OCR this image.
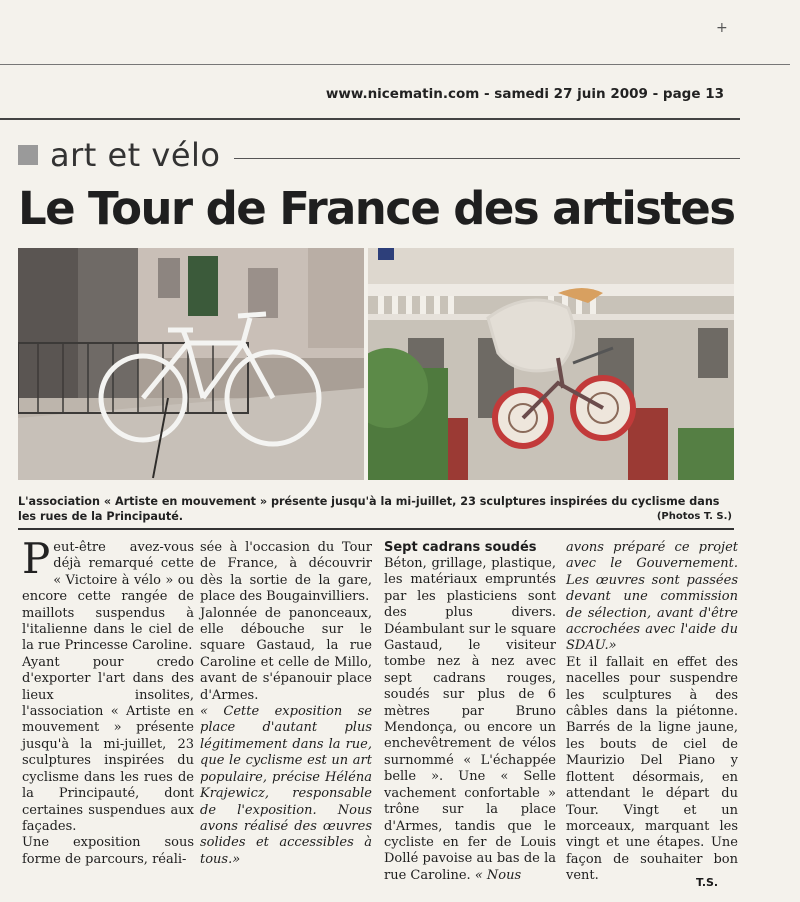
+
www.nicematin.com - samedi 27 juin 2009 - page 13
art et vélo
Le Tour de France des artistes
L'association « Artiste en mouvement » présente jusqu'à la mi-juillet, 23 sculptures inspirées du cyclisme dans les rues de la Principauté.	(Photos T. S.)

Peut-être avez-vous déjà remarqué cette « Victoire à vélo » ou encore cette rangée de maillots suspendus à l'italienne dans le ciel de la rue Princesse Caroline.

Ayant pour credo d'exporter l'art dans des lieux insolites, l'association « Artiste en mouvement » présente jusqu'à la mi-juillet, 23 sculptures inspirées du cyclisme dans les rues de la Principauté, dont certaines suspendues aux façades.

Une exposition sous forme de parcours, réali-

sée à l'occasion du Tour de France, à découvrir dès la sortie de la gare, place des Bougainvilliers.

Jalonnée de panonceaux, elle débouche sur le square Gastaud, la rue Caroline et celle de Millo, avant de s'épanouir place d'Armes.

« Cette exposition se place d'autant plus légitimement dans la rue, que le cyclisme est un art populaire, précise Héléna Krajewicz, responsable de l'exposition. Nous avons réalisé des œuvres solides et accessibles à tous.»

Sept cadrans soudés

Béton, grillage, plastique, les matériaux empruntés par les plasticiens sont des plus divers. Déambulant sur le square Gastaud, le visiteur tombe nez à nez avec sept cadrans rouges, soudés sur plus de 6 mètres par Bruno Mendonça, ou encore un enchevêtrement de vélos surnommé « L'échappée belle ». Une « Selle vachement confortable » trône sur la place d'Armes, tandis que le cycliste en fer de Louis Dollé pavoise au bas de la rue Caroline. « Nous

avons préparé ce projet avec le Gouvernement. Les œuvres sont passées devant une commission de sélection, avant d'être accrochées avec l'aide du SDAU.»

Et il fallait en effet des nacelles pour suspendre les sculptures à des câbles dans la piétonne. Barrés de la ligne jaune, les bouts de ciel de Maurizio Del Piano y flottent désormais, en attendant le départ du Tour. Vingt et un morceaux, marquant les vingt et une étapes. Une façon de souhaiter bon vent.	T.S.
